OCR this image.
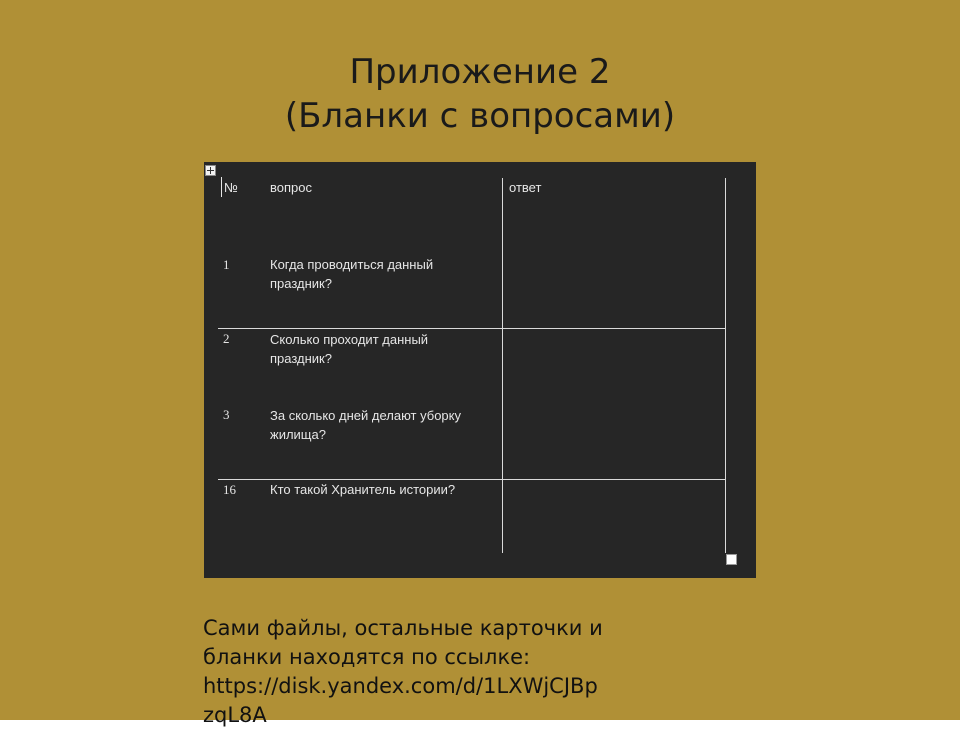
Приложение 2
(Бланки с вопросами)
№ вопрос	ответ
1	Когда проводиться данный
праздник?
2	Сколько проходит данный
праздник?
3	За сколько дней делают уборку
жилища?
16	Кто такой Хранитель истории?

Сами файлы, остальные карточки и
бланки находятся по ссылке:
https://disk.yandex.com/d/1LXWjCJBp
zqL8A
